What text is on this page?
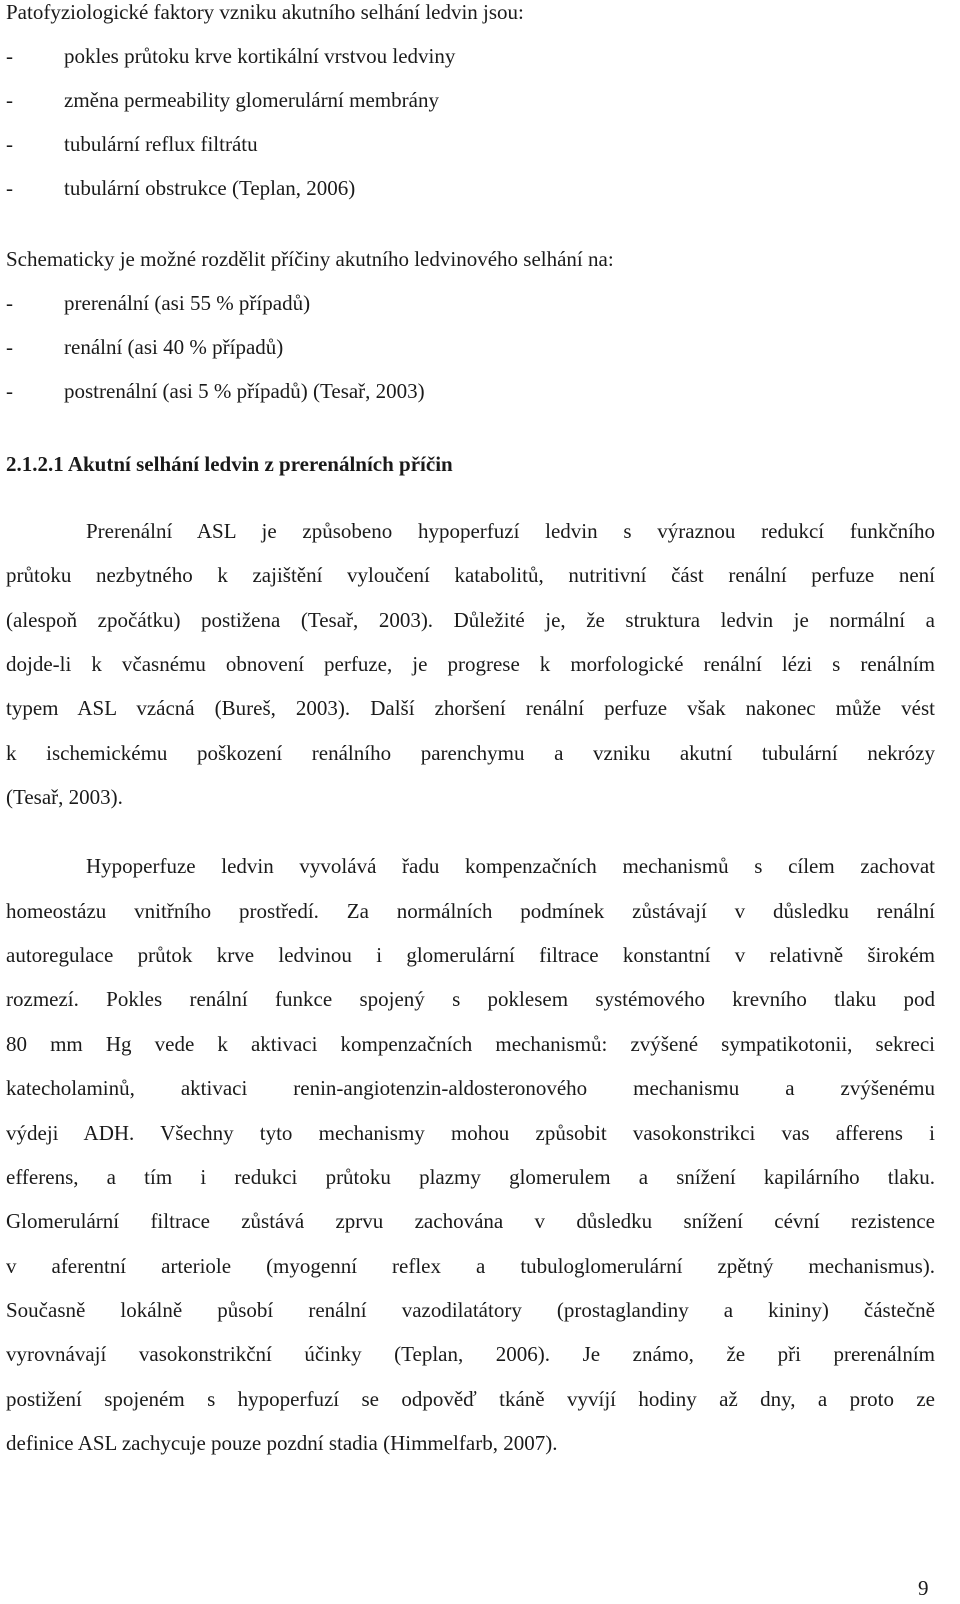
Patofyziologické faktory vzniku akutního selhání ledvin jsou:
- pokles průtoku krve kortikální vrstvou ledviny
- změna permeability glomerulární membrány
- tubulární reflux filtrátu
- tubulární obstrukce (Teplan, 2006)
Schematicky je možné rozdělit příčiny akutního ledvinového selhání na:
- prerenální (asi 55 % případů)
- renální (asi 40 % případů)
- postrenální (asi 5 % případů) (Tesař, 2003)
2.1.2.1 Akutní selhání ledvin z prerenálních příčin
Prerenální ASL je způsobeno hypoperfuzí ledvin s výraznou redukcí funkčního
průtoku nezbytného k zajištění vyloučení katabolitů, nutritivní část renální perfuze není
(alespoň zpočátku) postižena (Tesař, 2003). Důležité je, že struktura ledvin je normální a
dojde-li k včasnému obnovení perfuze, je progrese k morfologické renální lézi s renálním
typem ASL vzácná (Bureš, 2003). Další zhoršení renální perfuze však nakonec může vést
k ischemickému poškození renálního parenchymu a vzniku akutní tubulární nekrózy
(Tesař, 2003).
Hypoperfuze ledvin vyvolává řadu kompenzačních mechanismů s cílem zachovat
homeostázu vnitřního prostředí. Za normálních podmínek zůstávají v důsledku renální
autoregulace průtok krve ledvinou i glomerulární filtrace konstantní v relativně širokém
rozmezí. Pokles renální funkce spojený s poklesem systémového krevního tlaku pod
80 mm Hg vede k aktivaci kompenzačních mechanismů: zvýšené sympatikotonii, sekreci
katecholaminů, aktivaci renin-angiotenzin-aldosteronového mechanismu a zvýšenému
výdeji ADH. Všechny tyto mechanismy mohou způsobit vasokonstrikci vas afferens i
efferens, a tím i redukci průtoku plazmy glomerulem a snížení kapilárního tlaku.
Glomerulární filtrace zůstává zprvu zachována v důsledku snížení cévní rezistence
v aferentní arteriole (myogenní reflex a tubuloglomerulární zpětný mechanismus).
Současně lokálně působí renální vazodilatátory (prostaglandiny a kininy) částečně
vyrovnávají vasokonstrikční účinky (Teplan, 2006). Je známo, že při prerenálním
postižení spojeném s hypoperfuzí se odpověď tkáně vyvíjí hodiny až dny, a proto ze
definice ASL zachycuje pouze pozdní stadia (Himmelfarb, 2007).
9
